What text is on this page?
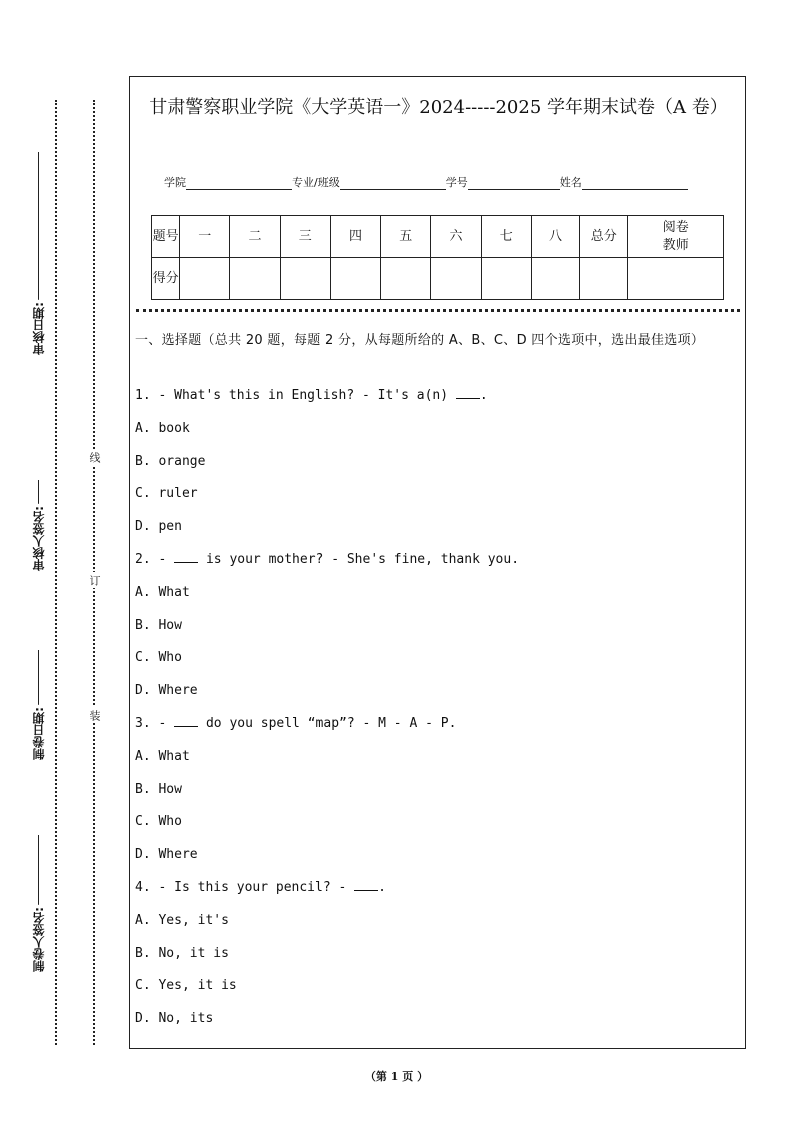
线
订
装
审核日期:
审核人签名:
制卷日期:
制卷人签名:
甘肃警察职业学院《大学英语一》2024-----2025 学年期末试卷（A 卷）
学院	专业/班级	学号	姓名
题号	一	二	三	四	五	六	七	八	总分	阅卷教师
得分										
一、选择题（总共 20 题，每题 2 分，从每题所给的 A、B、C、D 四个选项中，选出最佳选项）
1. - What's this in English? - It's a(n) .
A. book
B. orange
C. ruler
D. pen
2. -  is your mother? - She's fine, thank you.
A. What
B. How
C. Who
D. Where
3. -  do you spell “map”? - M - A - P.
A. What
B. How
C. Who
D. Where
4. - Is this your pencil? - .
A. Yes, it's
B. No, it is
C. Yes, it is
D. No, its
（第 1 页 ）
